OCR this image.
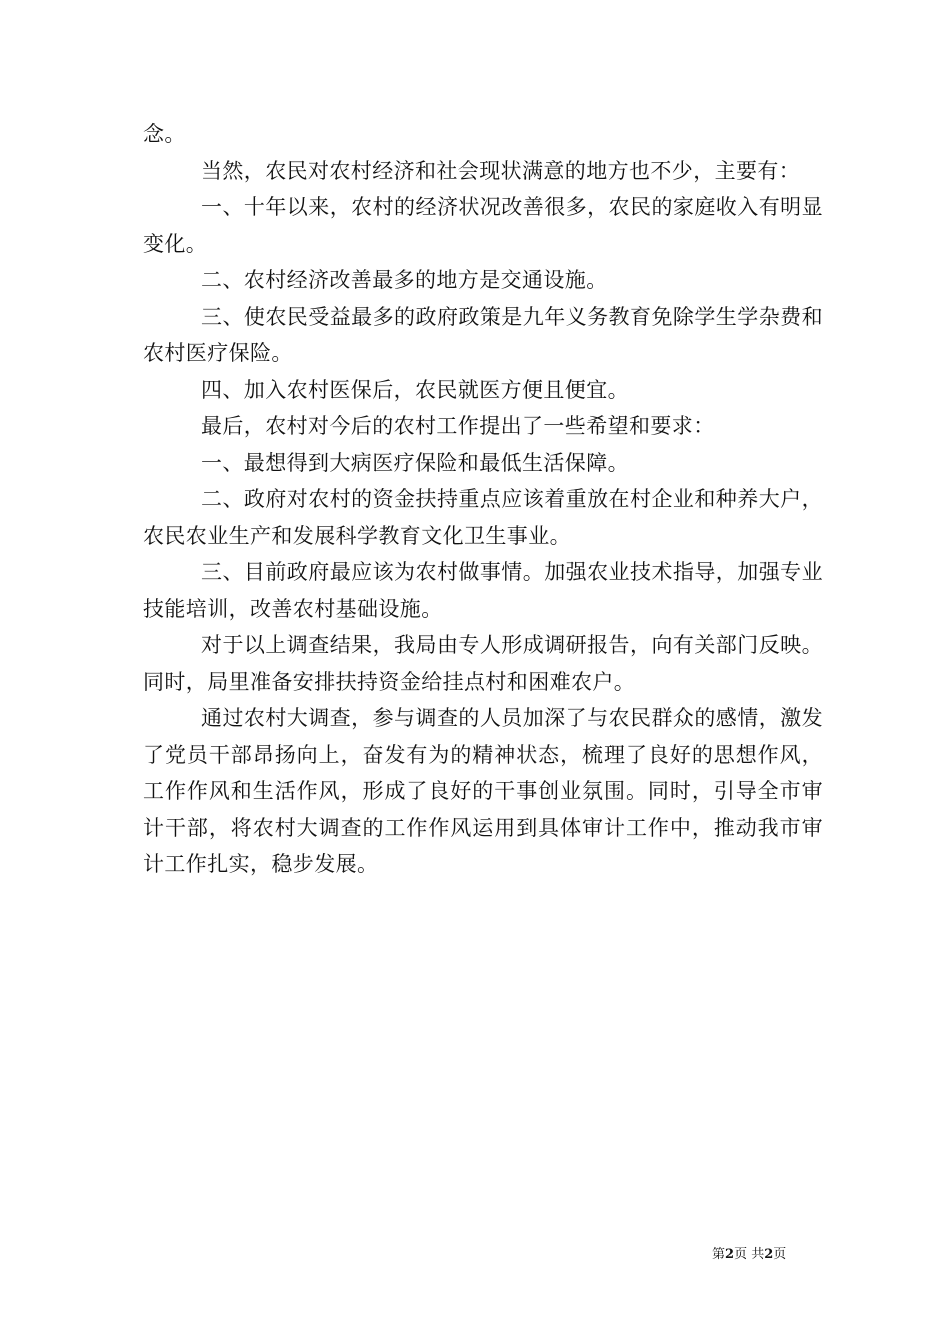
念。

当然，农民对农村经济和社会现状满意的地方也不少，主要有：

一、十年以来，农村的经济状况改善很多，农民的家庭收入有明显变化。

二、农村经济改善最多的地方是交通设施。

三、使农民受益最多的政府政策是九年义务教育免除学生学杂费和农村医疗保险。

四、加入农村医保后，农民就医方便且便宜。

最后，农村对今后的农村工作提出了一些希望和要求：

一、最想得到大病医疗保险和最低生活保障。

二、政府对农村的资金扶持重点应该着重放在村企业和种养大户，农民农业生产和发展科学教育文化卫生事业。

三、目前政府最应该为农村做事情。加强农业技术指导，加强专业技能培训，改善农村基础设施。

对于以上调查结果，我局由专人形成调研报告，向有关部门反映。同时，局里准备安排扶持资金给挂点村和困难农户。

通过农村大调查，参与调查的人员加深了与农民群众的感情，激发了党员干部昂扬向上，奋发有为的精神状态，梳理了良好的思想作风，工作作风和生活作风，形成了良好的干事创业氛围。同时，引导全市审计干部，将农村大调查的工作作风运用到具体审计工作中，推动我市审计工作扎实，稳步发展。

第2页 共2页
